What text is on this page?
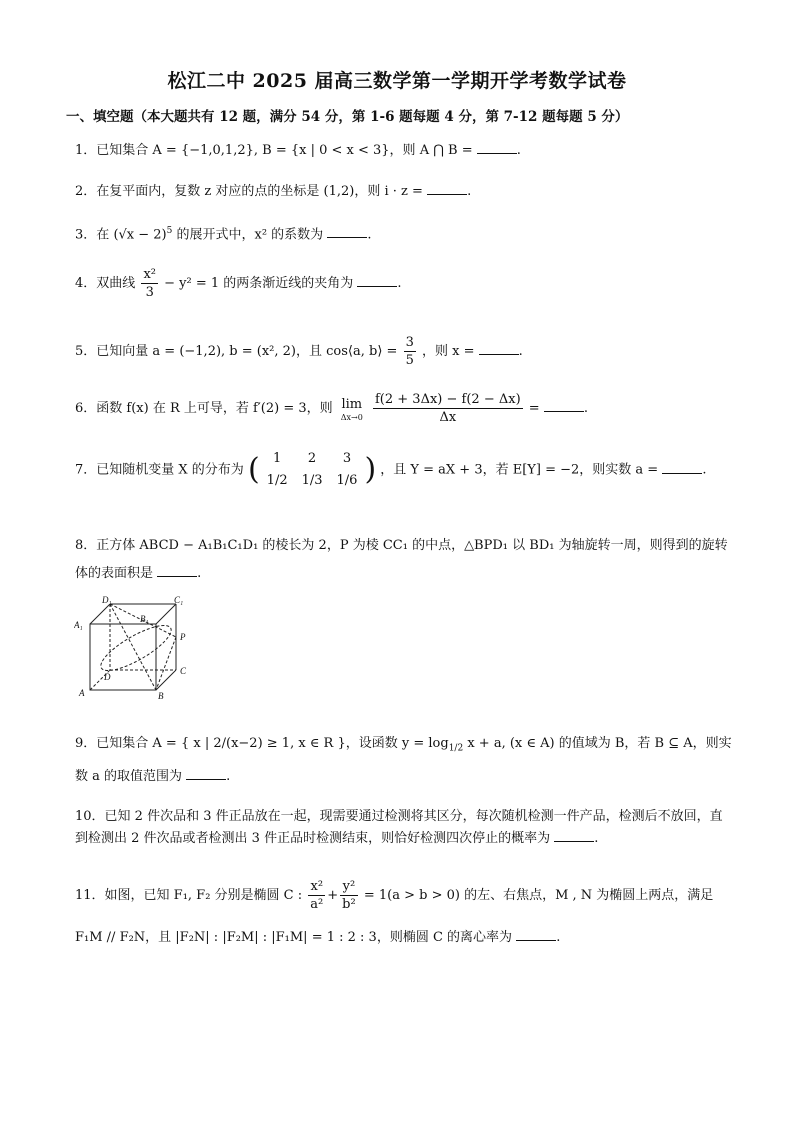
松江二中 2025 届高三数学第一学期开学考数学试卷
一、填空题（本大题共有 12 题，满分 54 分，第 1-6 题每题 4 分，第 7-12 题每题 5 分）
1．已知集合 A = {−1,0,1,2}, B = {x | 0 < x < 3}，则 A ⋂ B =	.
2．在复平面内，复数 z 对应的点的坐标是 (1,2)，则 i · z =	.
3．在 $(√x - 2)^5$ 的展开式中，x² 的系数为	.
4．双曲线 $\frac{\text{x²}}{3} - y^2 = 1$ 的两条渐近线的夹角为	.
5．已知向量 a = (−1,2), b = (x², 2)，且 cos⟨a, b⟩ = $\frac{3}{5}$ ，则 x =	.
6．函数 f(x) 在 R 上可导，若 f′(2) = 3，则 lim
Δx→0
$\frac{f(2 + 3\Delta x) - f(2 - \Delta x)}{\Delta x}$ =	.
7．已知随机变量 X 的分布为 ( 1	2	3
1/2	1/3	1/6 ) ，且 Y = aX + 3，若 E[Y] = −2，则实数 a =	.
8．正方体 ABCD − A₁B₁C₁D₁ 的棱长为 2，P 为棱 CC₁ 的中点，△BPD₁ 以 BD₁ 为轴旋转一周，则得到的旋转体的表面积是	.
D₁	C₁
A₁
B₁
P
D
C
A	B
9．已知集合 A = { x | 2/(x−2) ≥ 1, x ∈ R }，设函数 $y = \log_{1/2} x + a$, (x ∈ A) 的值域为 B，若 B ⊆ A，则实数 a 的取值范围为	.
10．已知 2 件次品和 3 件正品放在一起，现需要通过检测将其区分，每次随机检测一件产品，检测后不放回，直到检测出 2 件次品或者检测出 3 件正品时检测结束，则恰好检测四次停止的概率为	.
11．如图，已知 F₁, F₂ 分别是椭圆 C : $\frac{\text{x²}}{\text{a²}} + \frac{\text{y²}}{\text{b²}} = 1(a > b > 0)$ 的左、右焦点，M , N 为椭圆上两点，满足
F₁M // F₂N，且 |F₂N| : |F₂M| : |F₁M| = 1 : 2 : 3，则椭圆 C 的离心率为	.
